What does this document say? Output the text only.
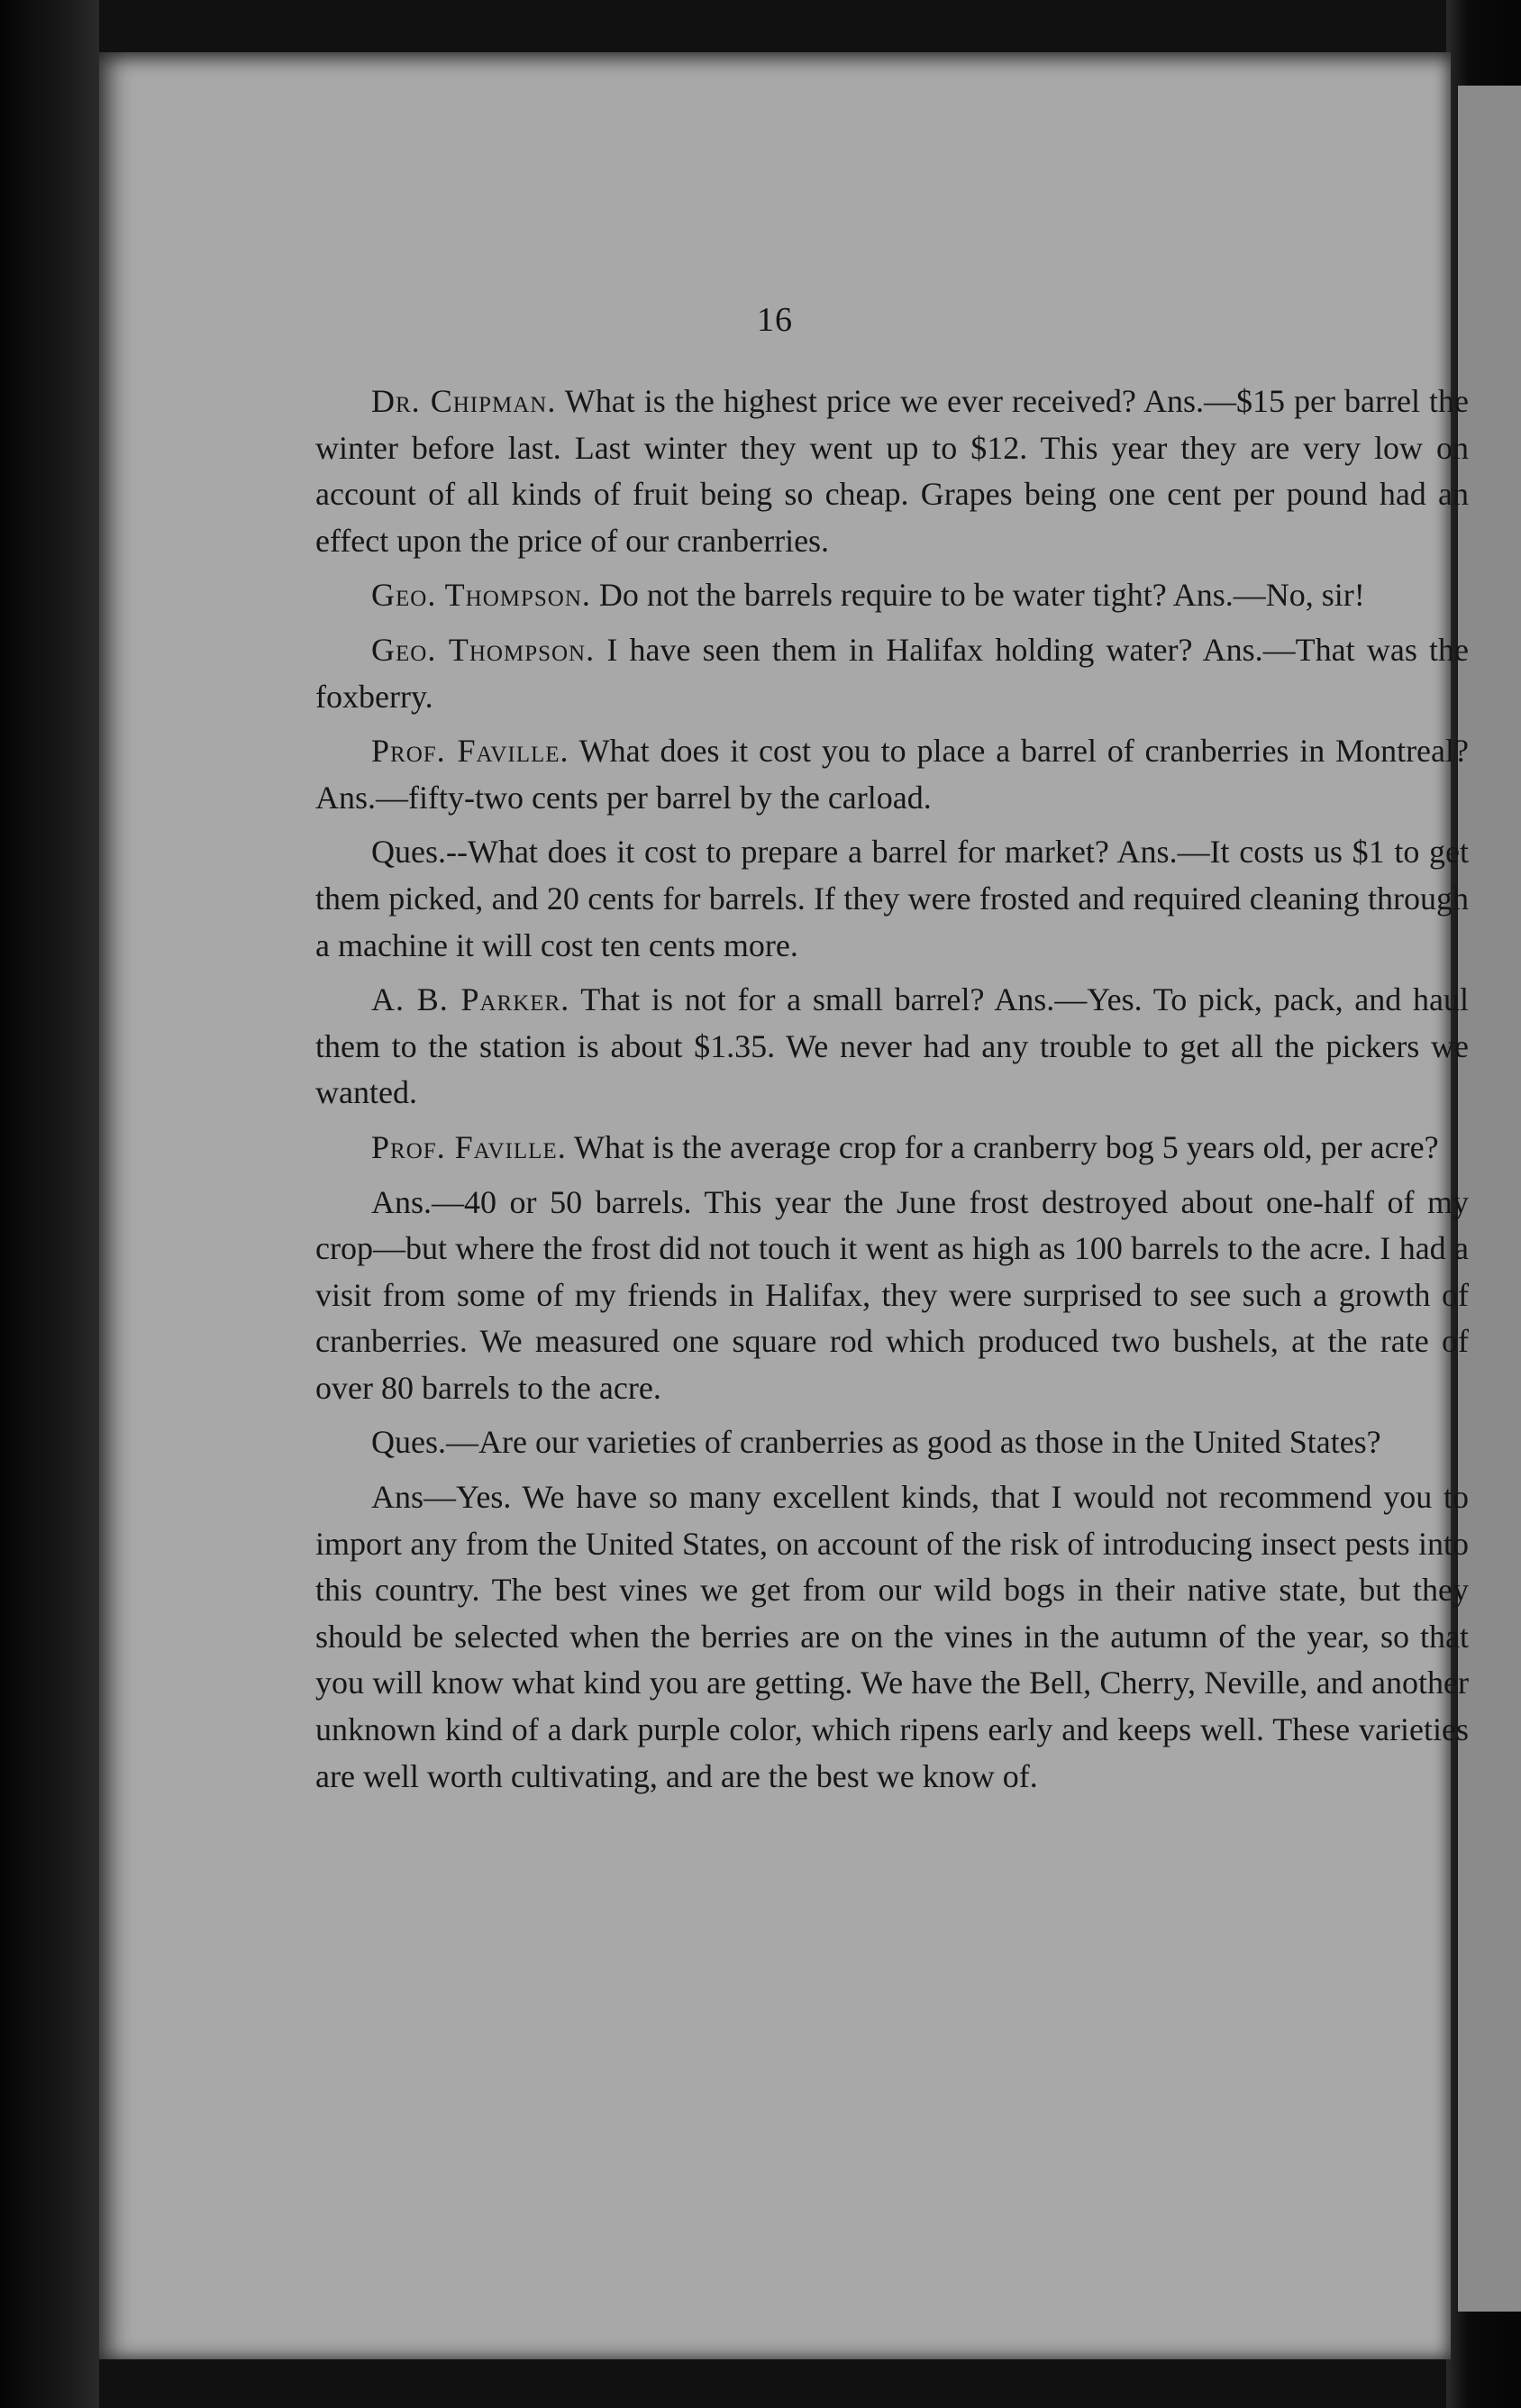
16

Dr. Chipman. What is the highest price we ever received? Ans.—$15 per barrel the winter before last. Last winter they went up to $12. This year they are very low on account of all kinds of fruit being so cheap. Grapes being one cent per pound had an effect upon the price of our cranberries.

Geo. Thompson. Do not the barrels require to be water tight? Ans.—No, sir!

Geo. Thompson. I have seen them in Halifax holding water? Ans.—That was the foxberry.

Prof. Faville. What does it cost you to place a barrel of cranberries in Montreal? Ans.—fifty-two cents per barrel by the carload.

Ques.--What does it cost to prepare a barrel for market? Ans.—It costs us $1 to get them picked, and 20 cents for barrels. If they were frosted and required cleaning through a machine it will cost ten cents more.

A. B. Parker. That is not for a small barrel? Ans.—Yes. To pick, pack, and haul them to the station is about $1.35. We never had any trouble to get all the pickers we wanted.

Prof. Faville. What is the average crop for a cranberry bog 5 years old, per acre?

Ans.—40 or 50 barrels. This year the June frost destroyed about one-half of my crop—but where the frost did not touch it went as high as 100 barrels to the acre. I had a visit from some of my friends in Halifax, they were surprised to see such a growth of cranberries. We measured one square rod which produced two bushels, at the rate of over 80 barrels to the acre.

Ques.—Are our varieties of cranberries as good as those in the United States?

Ans—Yes. We have so many excellent kinds, that I would not recommend you to import any from the United States, on account of the risk of introducing insect pests into this country. The best vines we get from our wild bogs in their native state, but they should be selected when the berries are on the vines in the autumn of the year, so that you will know what kind you are getting. We have the Bell, Cherry, Neville, and another unknown kind of a dark purple color, which ripens early and keeps well. These varieties are well worth cultivating, and are the best we know of.
